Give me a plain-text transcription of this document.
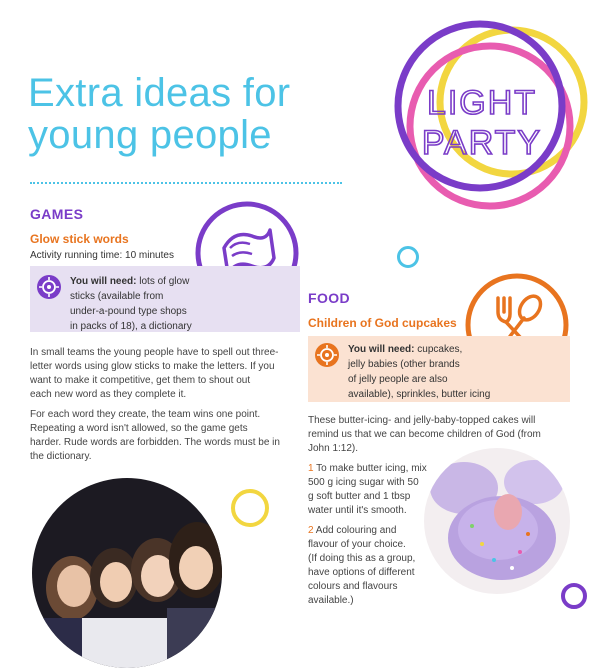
Extra ideas for
young people
LIGHT
PARTY
GAMES
Glow stick words
Activity running time: 10 minutes
You will need: lots of glow
sticks (available from
under-a-pound type shops
in packs of 18), a dictionary
In small teams the young people have to spell out three-
letter words using glow sticks to make the letters. If you
want to make it competitive, get them to shout out
each new word as they complete it.
For each word they create, the team wins one point.
Repeating a word isn't allowed, so the game gets
harder. Rude words are forbidden. The words must be in
the dictionary.
FOOD
Children of God cupcakes
You will need: cupcakes,
jelly babies (other brands
of jelly people are also
available), sprinkles, butter icing
These butter-icing- and jelly-baby-topped cakes will
remind us that we can become children of God (from
John 1:12).
1 To make butter icing, mix
500 g icing sugar with 50
g soft butter and 1 tbsp
water until it's smooth.
2 Add colouring and
flavour of your choice.
(If doing this as a group,
have options of different
colours and flavours
available.)
